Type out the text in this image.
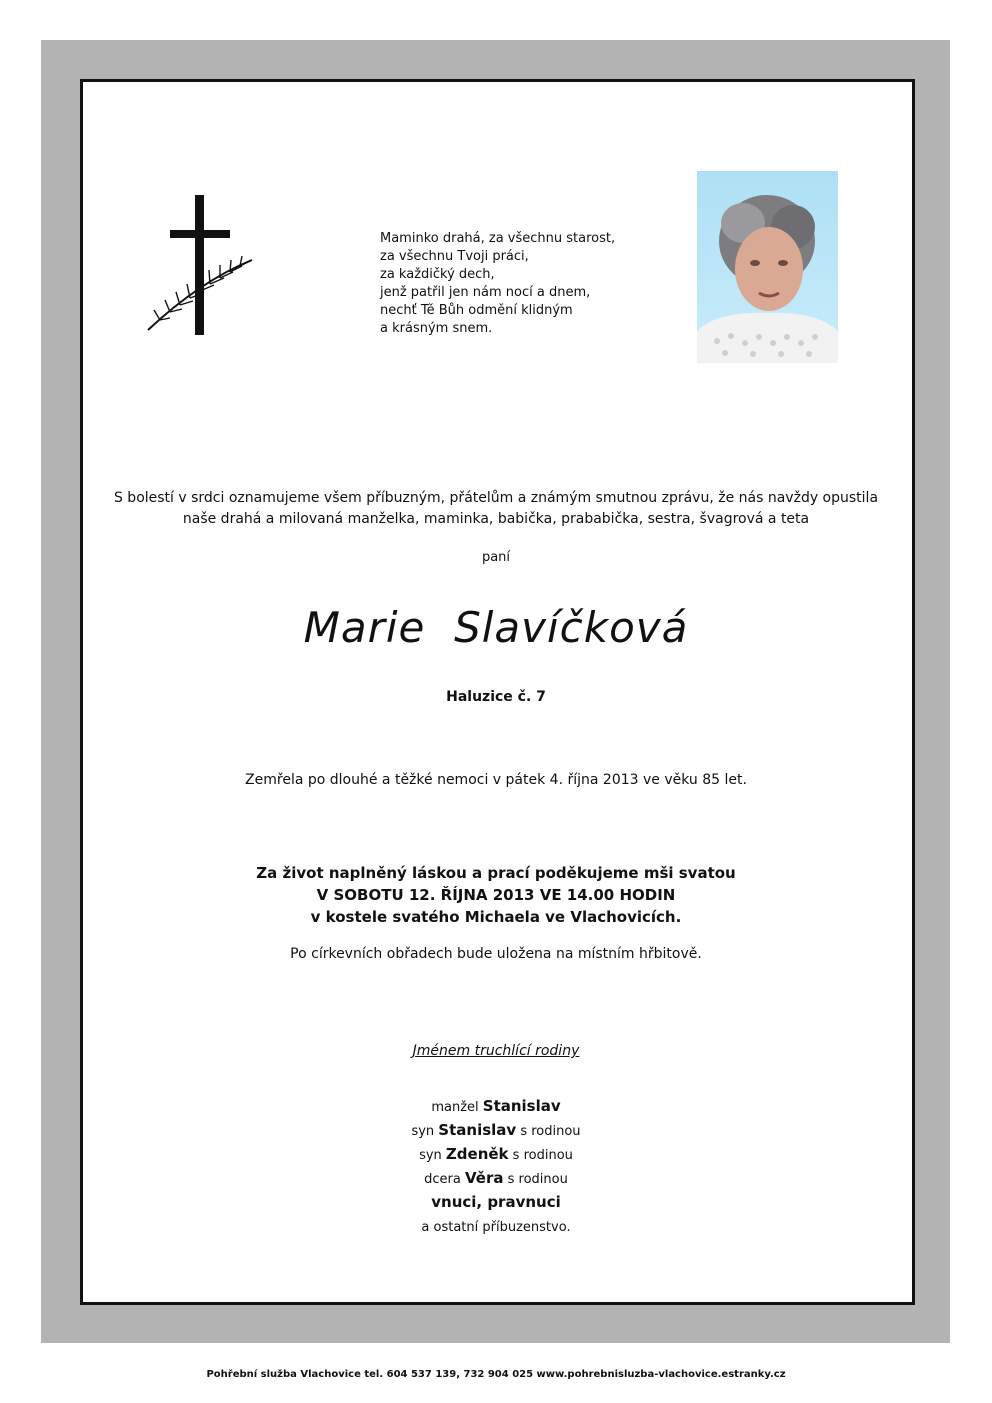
Maminko drahá, za všechnu starost,
za všechnu Tvoji práci,
za každičký dech,
jenž patřil jen nám nocí a dnem,
nechť Tě Bůh odmění klidným
a krásným snem.
S bolestí v srdci oznamujeme všem příbuzným, přátelům a známým smutnou zprávu, že nás navždy opustila
naše drahá a milovaná manželka, maminka, babička, prababička, sestra, švagrová a teta
paní
Marie  Slavíčková
Haluzice č. 7
Zemřela po dlouhé a těžké nemoci v pátek 4. října 2013 ve věku 85 let.
Za život naplněný láskou a prací poděkujeme mši svatou
V SOBOTU 12. ŘÍJNA 2013 VE 14.00 HODIN
v kostele svatého Michaela ve Vlachovicích.
Po církevních obřadech bude uložena na místním hřbitově.
Jménem truchlící rodiny
manžel Stanislav
syn Stanislav s rodinou
syn Zdeněk s rodinou
dcera Věra s rodinou
vnuci, pravnuci
a ostatní příbuzenstvo.
Pohřební služba Vlachovice tel. 604 537 139, 732 904 025 www.pohrebnisluzba-vlachovice.estranky.cz
